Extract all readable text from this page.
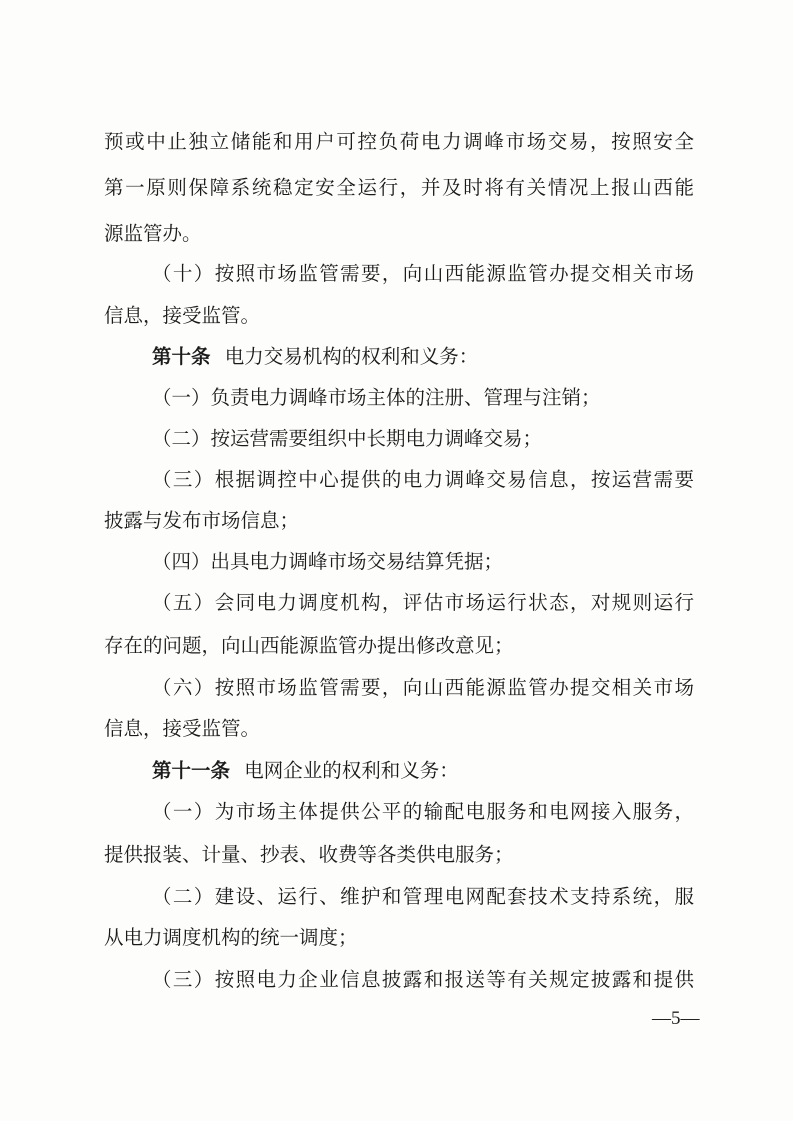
预或中止独立储能和用户可控负荷电力调峰市场交易，按照安全
第一原则保障系统稳定安全运行，并及时将有关情况上报山西能
源监管办。
（十）按照市场监管需要，向山西能源监管办提交相关市场
信息，接受监管。
第十条 电力交易机构的权利和义务：
（一）负责电力调峰市场主体的注册、管理与注销；
（二）按运营需要组织中长期电力调峰交易；
（三）根据调控中心提供的电力调峰交易信息，按运营需要
披露与发布市场信息；
（四）出具电力调峰市场交易结算凭据；
（五）会同电力调度机构，评估市场运行状态，对规则运行
存在的问题，向山西能源监管办提出修改意见；
（六）按照市场监管需要，向山西能源监管办提交相关市场
信息，接受监管。
第十一条 电网企业的权利和义务：
（一）为市场主体提供公平的输配电服务和电网接入服务，
提供报装、计量、抄表、收费等各类供电服务；
（二）建设、运行、维护和管理电网配套技术支持系统，服
从电力调度机构的统一调度；
（三）按照电力企业信息披露和报送等有关规定披露和提供
—5—
